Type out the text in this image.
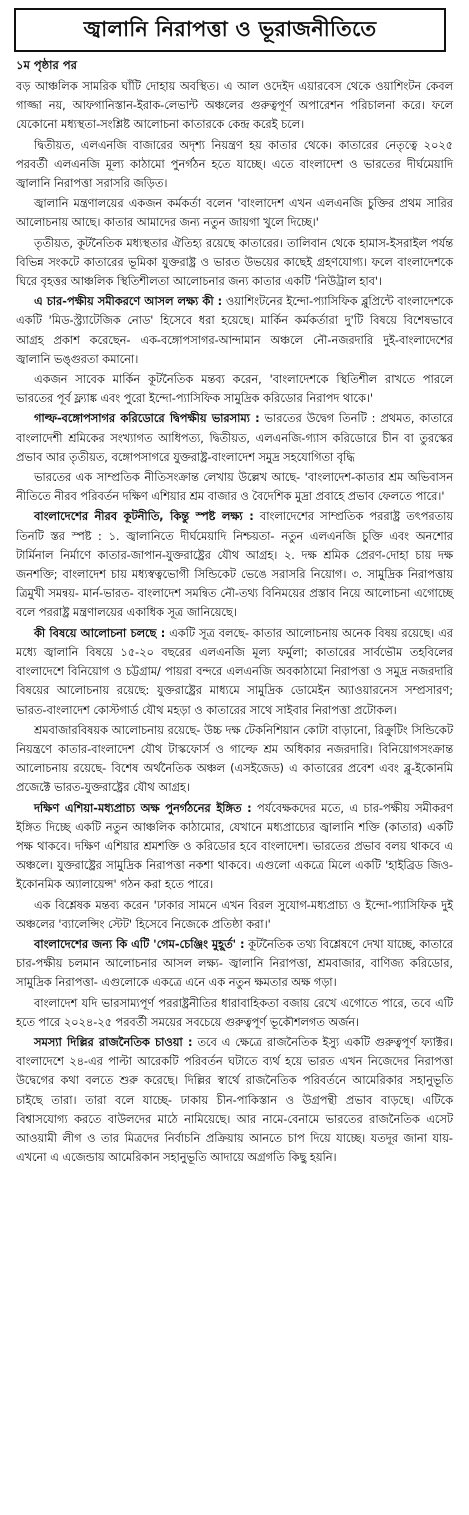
জ্বালানি নিরাপত্তা ও ভূরাজনীতিতে
১ম পৃষ্ঠার পর

বড় আঞ্চলিক সামরিক ঘাঁটি দোহায় অবস্থিত। এ আল ওদেইদ এয়ারবেস থেকে ওয়াশিংটন কেবল গাজ্জা নয়, আফগানিস্তান-ইরাক-লেভান্ট অঞ্চলের গুরুত্বপূর্ণ অপারেশন পরিচালনা করে। ফলে যেকোনো মধ্যস্থতা-সংশ্লিষ্ট আলোচনা কাতারকে কেন্দ্র করেই চলে।

দ্বিতীয়ত, এলএনজি বাজারের অদৃশ্য নিয়ন্ত্রণ হয় কাতার থেকে। কাতারের নেতৃত্বে ২০২৫ পরবর্তী এলএনজি মূল্য কাঠামো পুনর্গঠন হতে যাচ্ছে। এতে বাংলাদেশ ও ভারতের দীর্ঘমেয়াদি জ্বালানি নিরাপত্তা সরাসরি জড়িত।

জ্বালানি মন্ত্রণালয়ের একজন কর্মকর্তা বলেন 'বাংলাদেশ এখন এলএনজি চুক্তির প্রথম সারির আলোচনায় আছে। কাতার আমাদের জন্য নতুন জায়গা খুলে দিচ্ছে।'

তৃতীয়ত, কূটনৈতিক মধ্যস্থতার ঐতিহ্য রয়েছে কাতারের। তালিবান থেকে হামাস-ইসরাইল পর্যন্ত বিভিন্ন সংকটে কাতারের ভূমিকা যুক্তরাষ্ট্র ও ভারত উভয়ের কাছেই গ্রহণযোগ্য। ফলে বাংলাদেশকে ঘিরে বৃহত্তর আঞ্চলিক স্থিতিশীলতা আলোচনার জন্য কাতার একটি 'নিউট্রাল হাব'।

এ চার-পক্ষীয় সমীকরণে আসল লক্ষ্য কী : ওয়াশিংটনের ইন্দো-প্যাসিফিক ব্লুপ্রিন্টে বাংলাদেশকে একটি 'মিড-স্ট্র্যাটেজিক নোড' হিসেবে ধরা হয়েছে। মার্কিন কর্মকর্তারা দু'টি বিষয়ে বিশেষভাবে আগ্রহ প্রকাশ করেছেন- এক-বঙ্গোপসাগর-আন্দামান অঞ্চলে নৌ-নজরদারি দুই-বাংলাদেশের জ্বালানি ভঙ্গুরতা কমানো।

একজন সাবেক মার্কিন কূটনৈতিক মন্তব্য করেন, 'বাংলাদেশকে স্থিতিশীল রাখতে পারলে ভারতের পূর্ব ফ্ল্যাঙ্ক এবং পুরো ইন্দো-প্যাসিফিক সামুদ্রিক করিডোর নিরাপদ থাকে।'

গাল্ফ-বঙ্গোপসাগর করিডোরে দ্বিপক্ষীয় ভারসাম্য : ভারতের উদ্বেগ তিনটি : প্রথমত, কাতারে বাংলাদেশী শ্রমিকের সংখ্যাগত আধিপত্য, দ্বিতীয়ত, এলএনজি-গ্যাস করিডোরে চীন বা তুরস্কের প্রভাব আর তৃতীয়ত, বঙ্গোপসাগরে যুক্তরাষ্ট্র-বাংলাদেশ সমুদ্র সহযোগিতা বৃদ্ধি

ভারতের এক সাম্প্রতিক নীতিসংক্রান্ত লেখায় উল্লেখ আছে- 'বাংলাদেশ-কাতার শ্রম অভিবাসন নীতিতে নীরব পরিবর্তন দক্ষিণ এশিয়ার শ্রম বাজার ও বৈদেশিক মুদ্রা প্রবাহে প্রভাব ফেলতে পারে।'

বাংলাদেশের নীরব কূটনীতি, কিন্তু স্পষ্ট লক্ষ্য : বাংলাদেশের সাম্প্রতিক পররাষ্ট্র তৎপরতায় তিনটি স্তর স্পষ্ট : ১. জ্বালানিতে দীর্ঘমেয়াদি নিশ্চয়তা- নতুন এলএনজি চুক্তি এবং অনশোর টার্মিনাল নির্মাণে কাতার-জাপান-যুক্তরাষ্ট্রের যৌথ আগ্রহ। ২. দক্ষ শ্রমিক প্রেরণ-দোহা চায় দক্ষ জনশক্তি; বাংলাদেশ চায় মধ্যস্বত্বভোগী সিন্ডিকেট ভেঙে সরাসরি নিয়োগ। ৩. সামুদ্রিক নিরাপত্তায় ত্রিমুখী সমন্বয়- মার্ন-ভারত- বাংলাদেশ সমন্বিত নৌ-তথ্য বিনিময়ের প্রস্তাব নিয়ে আলোচনা এগোচ্ছে বলে পররাষ্ট্র মন্ত্রণালয়ের একাধিক সূত্র জানিয়েছে।

কী বিষয়ে আলোচনা চলছে : একটি সূত্র বলছে- কাতার আলোচনায় অনেক বিষয় রয়েছে। এর মধ্যে জ্বালানি বিষয়ে ১৫-২০ বছরের এলএনজি মূল্য ফর্মুলা; কাতারের সার্বভৌম তহবিলের বাংলাদেশে বিনিয়োগ ও চট্টগ্রাম/ পায়রা বন্দরে এলএনজি অবকাঠামো নিরাপত্তা ও সমুদ্র নজরদারি বিষয়ের আলোচনায় রয়েছে: যুক্তরাষ্ট্রের মাধ্যমে সামুদ্রিক ডোমেইন অ্যাওয়ারনেস সম্প্রসারণ; ভারত-বাংলাদেশ কোস্টগার্ড যৌথ মহড়া ও কাতারের সাথে সাইবার নিরাপত্তা প্রটোকল।

শ্রমবাজারবিষয়ক আলোচনায় রয়েছে- উচ্চ দক্ষ টেকনিশিয়ান কোটা বাড়ানো, রিক্রুটিং সিন্ডিকেট নিয়ন্ত্রণে কাতার-বাংলাদেশ যৌথ টাস্কফোর্স ও গাল্ফে শ্রম অধিকার নজরদারি। বিনিয়োগসংক্রান্ত আলোচনায় রয়েছে- বিশেষ অর্থনৈতিক অঞ্চল (এসইজেড) এ কাতারের প্রবেশ এবং ব্লু-ইকোনমি প্রজেক্টে ভারত-যুক্তরাষ্ট্রের যৌথ আগ্রহ।

দক্ষিণ এশিয়া-মধ্যপ্রাচ্য অক্ষ পুনর্গঠনের ইঙ্গিত : পর্যবেক্ষকদের মতে, এ চার-পক্ষীয় সমীকরণ ইঙ্গিত দিচ্ছে একটি নতুন আঞ্চলিক কাঠামোর, যেখানে মধ্যপ্রাচ্যের জ্বালানি শক্তি (কাতার) একটি পক্ষ থাকবে। দক্ষিণ এশিয়ার শ্রমশক্তি ও করিডোর হবে বাংলাদেশ। ভারতের প্রভাব বলয় থাকবে এ অঞ্চলে। যুক্তরাষ্ট্রের সামুদ্রিক নিরাপত্তা নকশা থাকবে। এগুলো একত্রে মিলে একটি 'হাইব্রিড জিও-ইকোনমিক অ্যালায়েন্স' গঠন করা হতে পারে।

এক বিশ্লেষক মন্তব্য করেন 'ঢাকার সামনে এখন বিরল সুযোগ-মধ্যপ্রাচ্য ও ইন্দো-প্যাসিফিক দুই অঞ্চলের 'ব্যালেন্সিং স্টেট' হিসেবে নিজেকে প্রতিষ্ঠা করা।'

বাংলাদেশের জন্য কি এটি 'গেম-চেঞ্জিং মুহূর্ত' : কূটনৈতিক তথ্য বিশ্লেষণে দেখা যাচ্ছে, কাতারে চার-পক্ষীয় চলমান আলোচনার আসল লক্ষ্য- জ্বালানি নিরাপত্তা, শ্রমবাজার, বাণিজ্য করিডোর, সামুদ্রিক নিরাপত্তা- এগুলোকে একত্রে এনে এক নতুন ক্ষমতার অক্ষ গড়া।

বাংলাদেশ যদি ভারসাম্যপূর্ণ পররাষ্ট্রনীতির ধারাবাহিকতা বজায় রেখে এগোতে পারে, তবে এটি হতে পারে ২০২৪-২৫ পরবর্তী সময়ের সবচেয়ে গুরুত্বপূর্ণ ভূকৌশলগত অর্জন।

সমস্যা দিল্লির রাজনৈতিক চাওয়া : তবে এ ক্ষেত্রে রাজনৈতিক ইস্যু একটি গুরুত্বপূর্ণ ফ্যাক্টর। বাংলাদেশে ২৪-এর পাল্টা আরেকটি পরিবর্তন ঘটাতে ব্যর্থ হয়ে ভারত এখন নিজেদের নিরাপত্তা উদ্বেগের কথা বলতে শুরু করেছে। দিল্লির স্বার্থে রাজনৈতিক পরিবর্তনে আমেরিকার সহানুভূতি চাইছে তারা। তারা বলে যাচ্ছে- ঢাকায় চীন-পাকিস্তান ও উগ্রপন্থী প্রভাব বাড়ছে। এটিকে বিশ্বাসযোগ্য করতে বাউলদের মাঠে নামিয়েছে। আর নামে-বেনামে ভারতের রাজনৈতিক এসেট আওয়ামী লীগ ও তার মিত্রদের নির্বাচনি প্রক্রিয়ায় আনতে চাপ দিয়ে যাচ্ছে। যতদূর জানা যায়- এখনো এ এজেন্ডায় আমেরিকান সহানুভূতি আদায়ে অগ্রগতি কিছু হয়নি।
